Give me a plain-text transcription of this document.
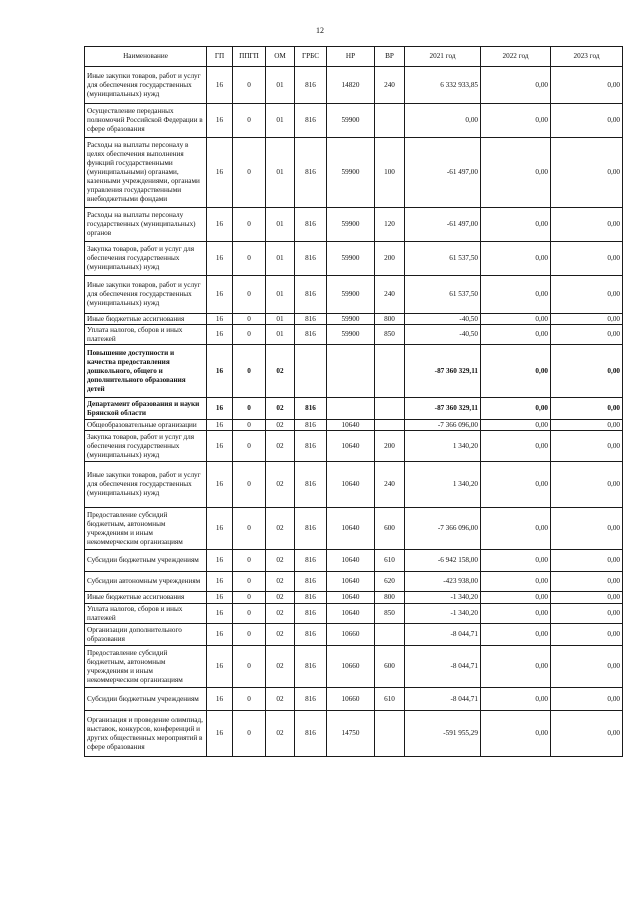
12
Наименование	ГП	ППГП	ОМ	ГРБС	НР	ВР	2021 год	2022 год	2023 год
Иные закупки товаров, работ и услуг для обеспечения государственных (муниципальных) нужд	16	0	01	816	14820	240	6 332 933,85	0,00	0,00
Осуществление переданных полномочий Российской Федерации в сфере образования	16	0	01	816	59900		0,00	0,00	0,00
Расходы на выплаты персоналу в целях обеспечения выполнения функций государственными (муниципальными) органами, казенными учреждениями, органами управления государственными внебюджетными фондами	16	0	01	816	59900	100	-61 497,00	0,00	0,00
Расходы на выплаты персоналу государственных (муниципальных) органов	16	0	01	816	59900	120	-61 497,00	0,00	0,00
Закупка товаров, работ и услуг для обеспечения государственных (муниципальных) нужд	16	0	01	816	59900	200	61 537,50	0,00	0,00
Иные закупки товаров, работ и услуг для обеспечения государственных (муниципальных) нужд	16	0	01	816	59900	240	61 537,50	0,00	0,00
Иные бюджетные ассигнования	16	0	01	816	59900	800	-40,50	0,00	0,00
Уплата налогов, сборов и иных платежей	16	0	01	816	59900	850	-40,50	0,00	0,00
Повышение доступности и качества предоставления дошкольного, общего и дополнительного образования детей	16	0	02				-87 360 329,11	0,00	0,00
Департамент образования и науки Брянской области	16	0	02	816			-87 360 329,11	0,00	0,00
Общеобразовательные организации	16	0	02	816	10640		-7 366 096,00	0,00	0,00
Закупка товаров, работ и услуг для обеспечения государственных (муниципальных) нужд	16	0	02	816	10640	200	1 340,20	0,00	0,00
Иные закупки товаров, работ и услуг для обеспечения государственных (муниципальных) нужд	16	0	02	816	10640	240	1 340,20	0,00	0,00
Предоставление субсидий бюджетным, автономным учреждениям и иным некоммерческим организациям	16	0	02	816	10640	600	-7 366 096,00	0,00	0,00
Субсидии бюджетным учреждениям	16	0	02	816	10640	610	-6 942 158,00	0,00	0,00
Субсидии автономным учреждениям	16	0	02	816	10640	620	-423 938,00	0,00	0,00
Иные бюджетные ассигнования	16	0	02	816	10640	800	-1 340,20	0,00	0,00
Уплата налогов, сборов и иных платежей	16	0	02	816	10640	850	-1 340,20	0,00	0,00
Организации дополнительного образования	16	0	02	816	10660		-8 044,71	0,00	0,00
Предоставление субсидий бюджетным, автономным учреждениям и иным некоммерческим организациям	16	0	02	816	10660	600	-8 044,71	0,00	0,00
Субсидии бюджетным учреждениям	16	0	02	816	10660	610	-8 044,71	0,00	0,00
Организация и проведение олимпиад, выставок, конкурсов, конференций и других общественных мероприятий в сфере образования	16	0	02	816	14750		-591 955,29	0,00	0,00
